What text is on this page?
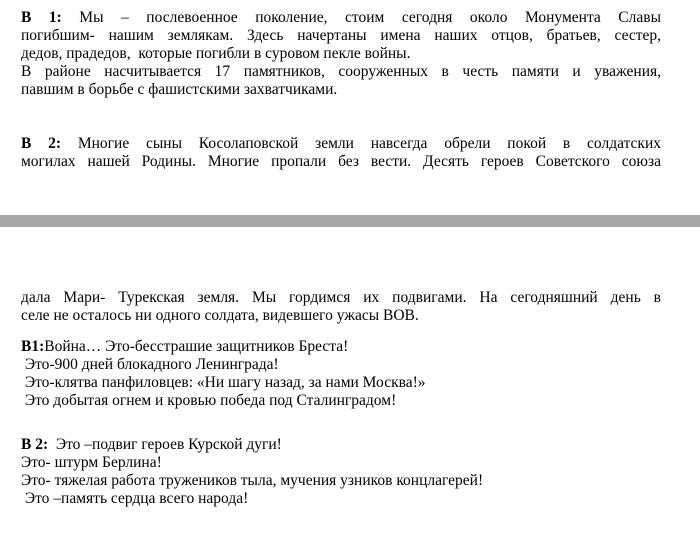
В 1: Мы – послевоенное поколение, стоим сегодня около Монумента Славы
погибшим- нашим землякам. Здесь начертаны имена наших отцов, братьев, сестер,
дедов, прадедов,  которые погибли в суровом пекле войны.
В районе насчитывается 17 памятников, сооруженных в честь памяти и уважения,
павшим в борьбе с фашистскими захватчиками.
В 2: Многие сыны Косолаповской земли навсегда обрели покой в солдатских
могилах нашей Родины. Многие пропали без вести. Десять героев Советского союза
дала Мари- Турекская земля. Мы гордимся их подвигами. На сегодняшний день в
селе не осталось ни одного солдата, видевшего ужасы ВОВ.
В1:Война… Это-бесстрашие защитников Бреста!
Это-900 дней блокадного Ленинграда!
Это-клятва панфиловцев: «Ни шагу назад, за нами Москва!»
Это добытая огнем и кровью победа под Сталинградом!
В 2:  Это –подвиг героев Курской дуги!
Это- штурм Берлина!
Это- тяжелая работа тружеников тыла, мучения узников концлагерей!
Это –память сердца всего народа!
